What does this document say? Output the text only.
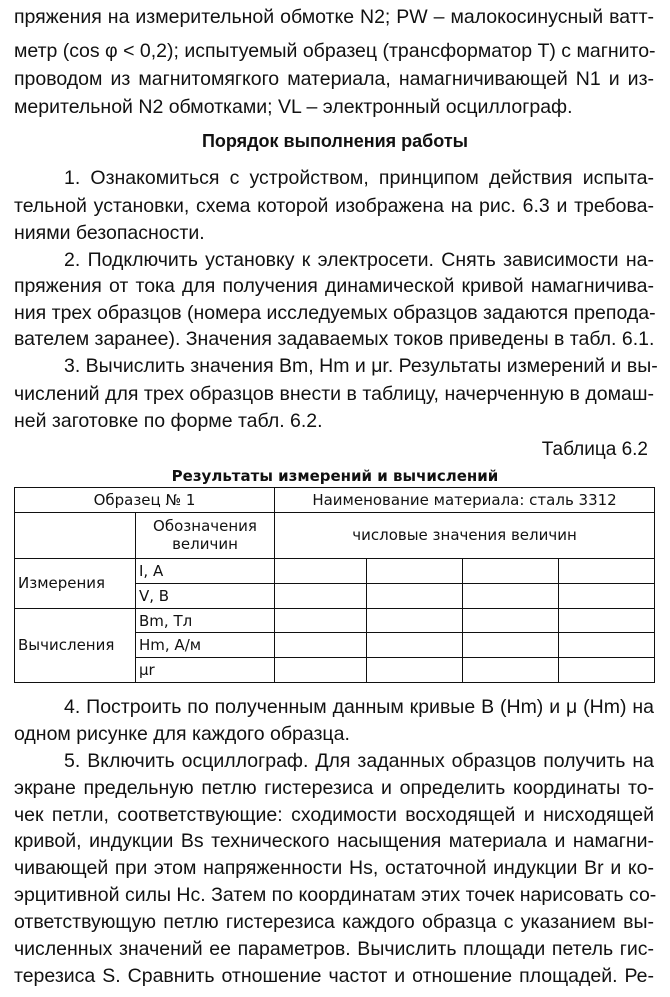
пряжения на измерительной обмотке N2; PW – малокосинусный ватт-
метр (cos φ < 0,2); испытуемый образец (трансформатор T) с магнито-
проводом из магнитомягкого материала, намагничивающей N1 и из-
мерительной N2 обмотками; VL – электронный осциллограф.
Порядок выполнения работы
1. Ознакомиться с устройством, принципом действия испыта-
тельной установки, схема которой изображена на рис. 6.3 и требова-
ниями безопасности.
2. Подключить установку к электросети. Снять зависимости на-
пряжения от тока для получения динамической кривой намагничива-
ния трех образцов (номера исследуемых образцов задаются препода-
вателем заранее). Значения задаваемых токов приведены в табл. 6.1.
3. Вычислить значения Bm, Hm и μr. Результаты измерений и вы-
числений для трех образцов внести в таблицу, начерченную в домаш-
ней заготовке по форме табл. 6.2.
Таблица 6.2
Результаты измерений и вычислений
Образец № 1		Наименование материала: сталь 3312			
	Обозначения величин	числовые значения величин			
Измерения	I, А				
	V, В				
Вычисления	Bm, Тл				
	Hm, А/м				
	μr				
4. Построить по полученным данным кривые B (Hm) и μ (Hm) на
одном рисунке для каждого образца.
5. Включить осциллограф. Для заданных образцов получить на
экране предельную петлю гистерезиса и определить координаты то-
чек петли, соответствующие: сходимости восходящей и нисходящей
кривой, индукции Bs технического насыщения материала и намагни-
чивающей при этом напряженности Hs, остаточной индукции Br и ко-
эрцитивной силы Hc. Затем по координатам этих точек нарисовать со-
ответствующую петлю гистерезиса каждого образца с указанием вы-
численных значений ее параметров. Вычислить площади петель гис-
терезиса S. Сравнить отношение частот и отношение площадей. Ре-
